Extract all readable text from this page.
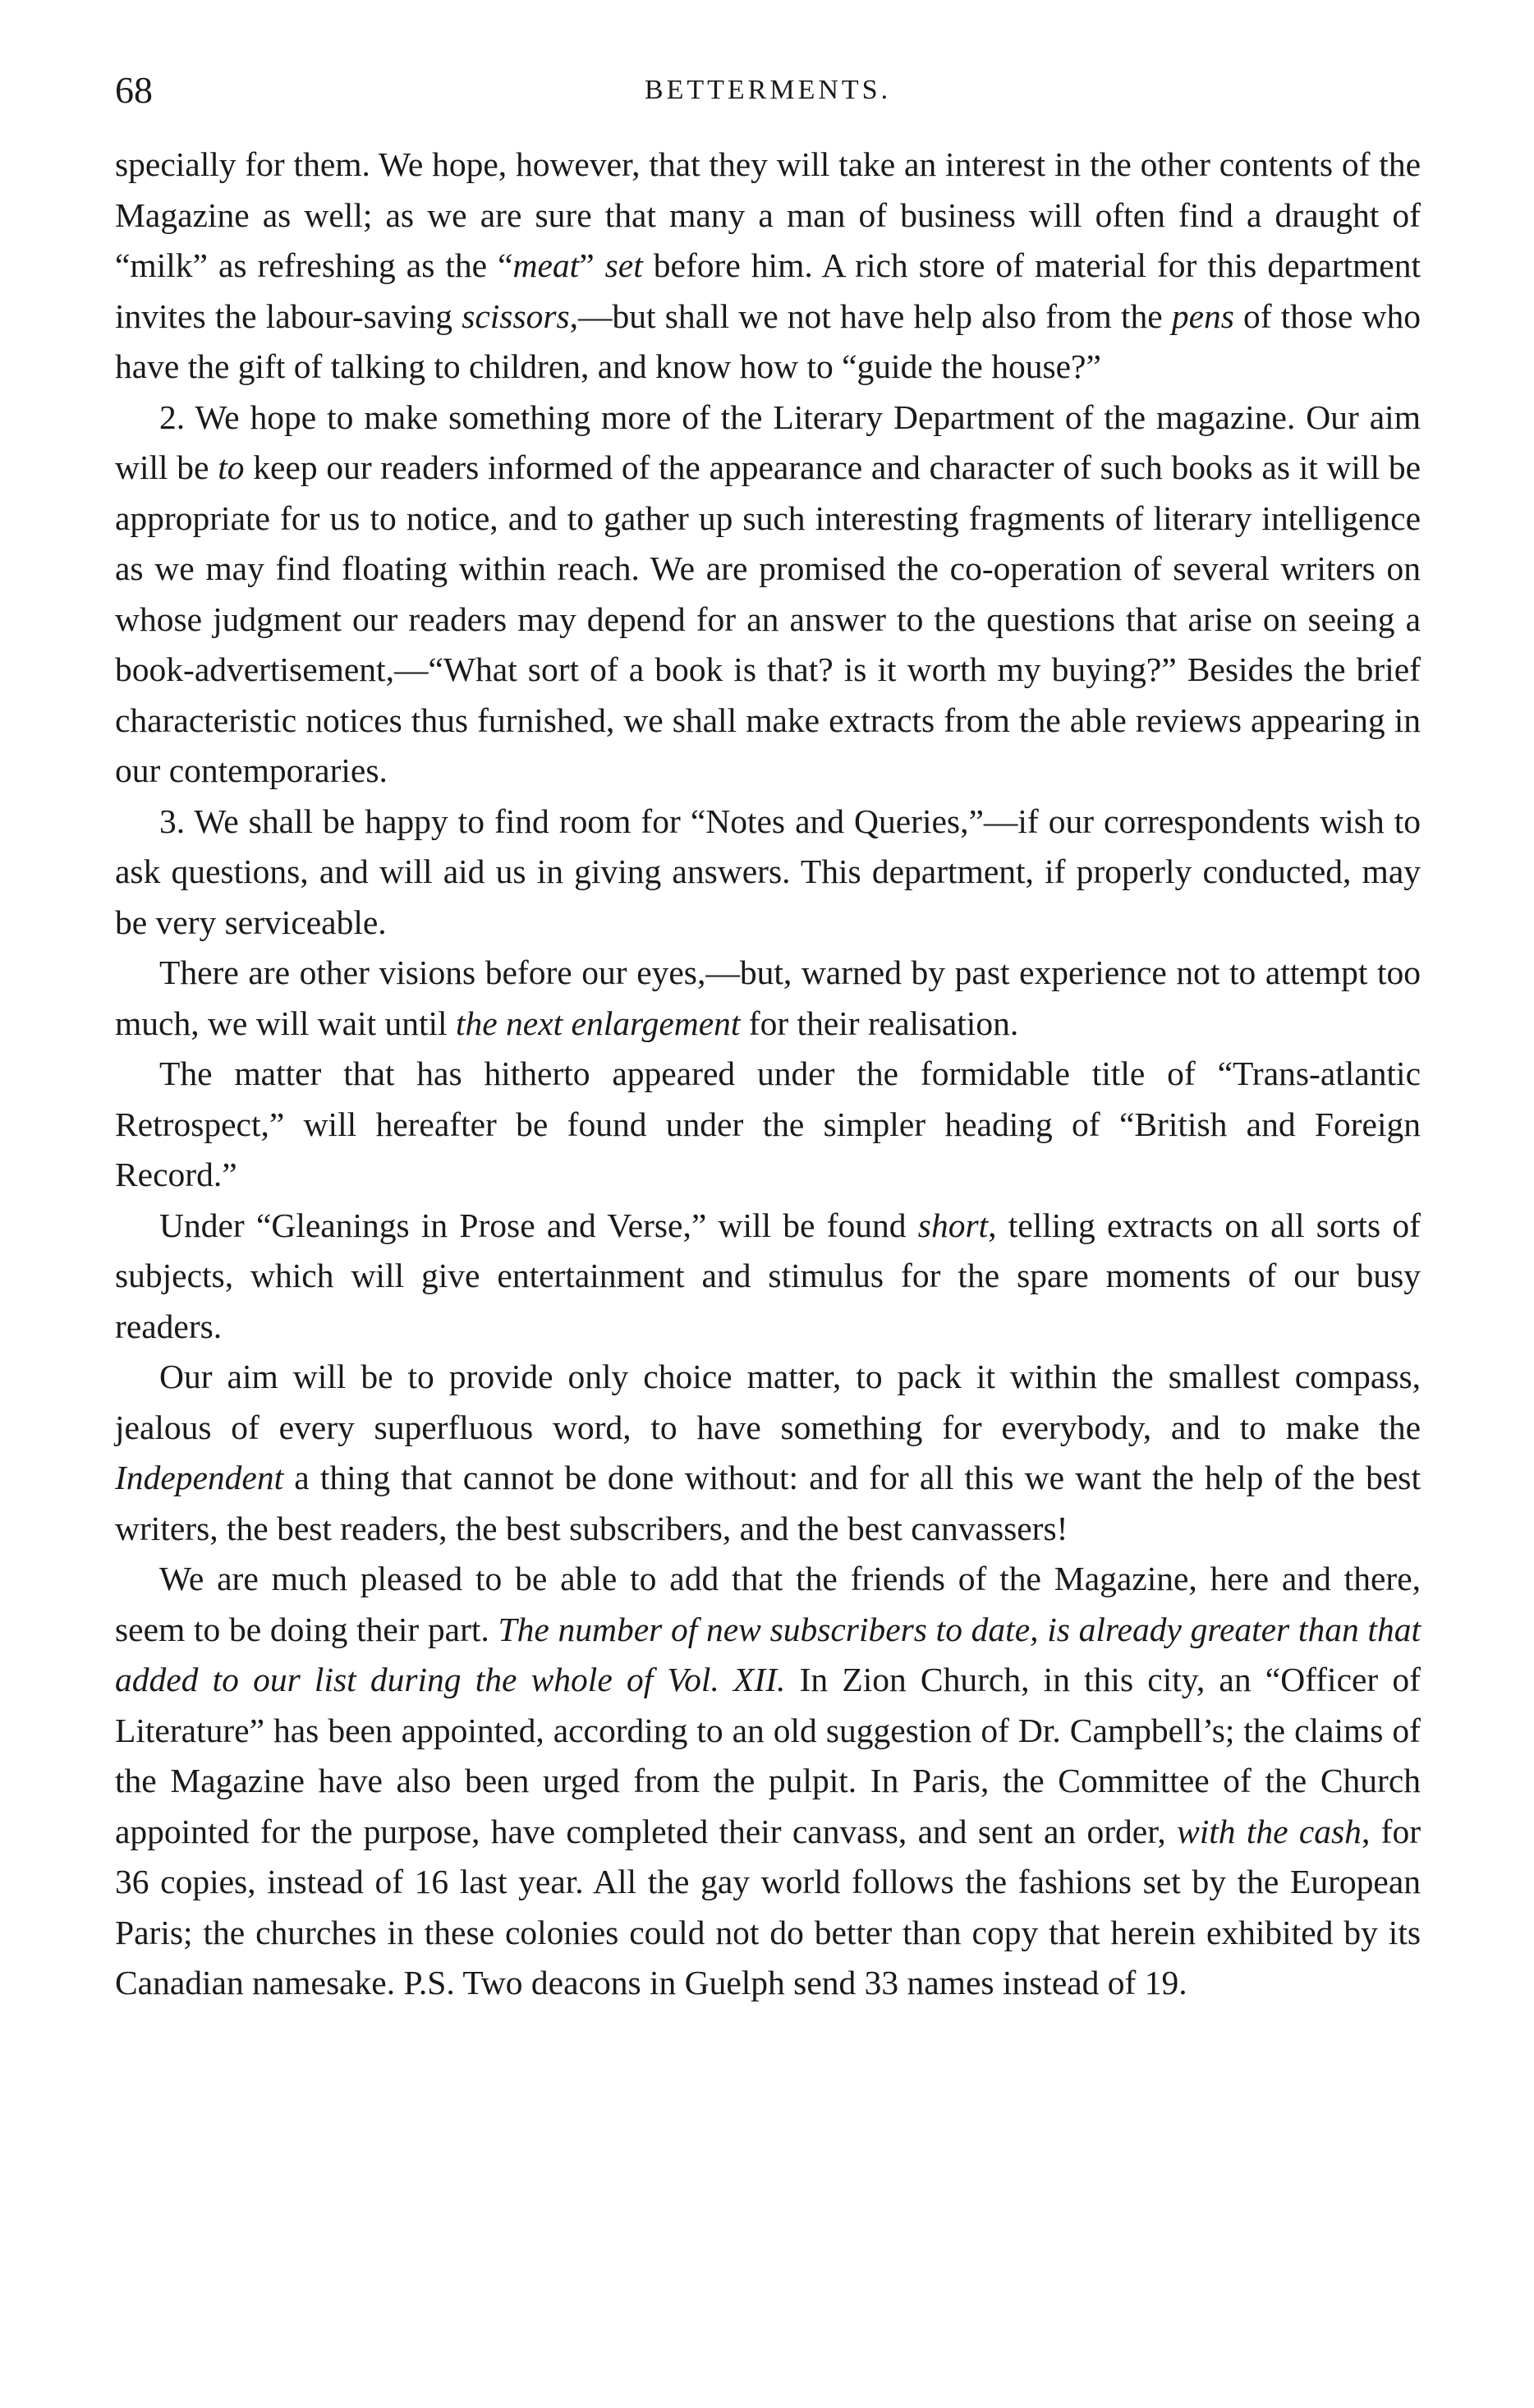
68	BETTERMENTS.

specially for them. We hope, however, that they will take an interest in the other contents of the Magazine as well; as we are sure that many a man of business will often find a draught of “milk” as refreshing as the “meat” set before him. A rich store of material for this department invites the labour-saving scissors,—but shall we not have help also from the pens of those who have the gift of talking to children, and know how to “guide the house?”

2. We hope to make something more of the Literary Department of the magazine. Our aim will be to keep our readers informed of the appearance and character of such books as it will be appropriate for us to notice, and to gather up such interesting fragments of literary intelligence as we may find floating within reach. We are promised the co-operation of several writers on whose judgment our readers may depend for an answer to the questions that arise on seeing a book-advertisement,—“What sort of a book is that? is it worth my buying?” Besides the brief characteristic notices thus furnished, we shall make extracts from the able reviews appearing in our contemporaries.

3. We shall be happy to find room for “Notes and Queries,”—if our correspondents wish to ask questions, and will aid us in giving answers. This department, if properly conducted, may be very serviceable.

There are other visions before our eyes,—but, warned by past experience not to attempt too much, we will wait until the next enlargement for their realisation.

The matter that has hitherto appeared under the formidable title of “Trans-atlantic Retrospect,” will hereafter be found under the simpler heading of “British and Foreign Record.”

Under “Gleanings in Prose and Verse,” will be found short, telling extracts on all sorts of subjects, which will give entertainment and stimulus for the spare moments of our busy readers.

Our aim will be to provide only choice matter, to pack it within the smallest compass, jealous of every superfluous word, to have something for everybody, and to make the Independent a thing that cannot be done without: and for all this we want the help of the best writers, the best readers, the best subscribers, and the best canvassers!

We are much pleased to be able to add that the friends of the Magazine, here and there, seem to be doing their part. The number of new subscribers to date, is already greater than that added to our list during the whole of Vol. XII. In Zion Church, in this city, an “Officer of Literature” has been appointed, according to an old suggestion of Dr. Campbell’s; the claims of the Magazine have also been urged from the pulpit. In Paris, the Committee of the Church appointed for the purpose, have completed their canvass, and sent an order, with the cash, for 36 copies, instead of 16 last year. All the gay world follows the fashions set by the European Paris; the churches in these colonies could not do better than copy that herein exhibited by its Canadian namesake. P.S. Two deacons in Guelph send 33 names instead of 19.
